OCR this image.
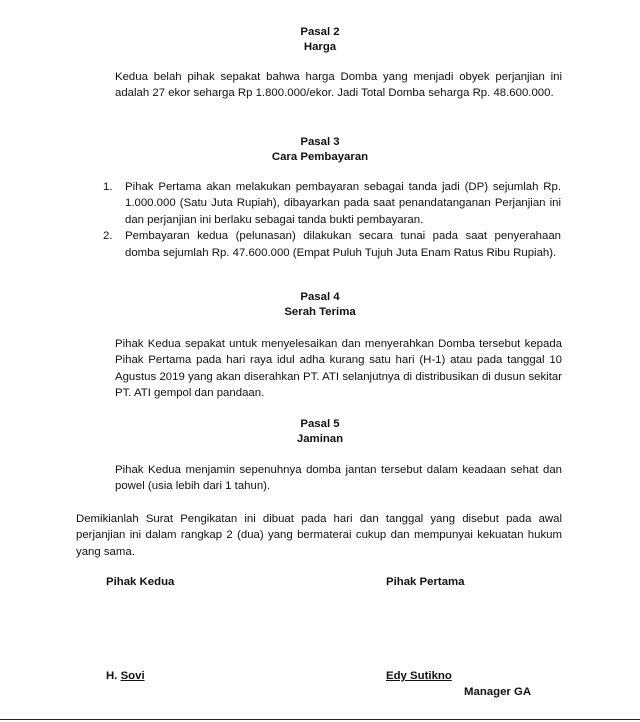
Pasal 2

Harga

Kedua belah pihak sepakat bahwa harga Domba yang menjadi obyek perjanjian ini adalah 27 ekor seharga Rp 1.800.000/ekor. Jadi Total Domba seharga Rp. 48.600.000.

Pasal 3

Cara Pembayaran

1. Pihak Pertama akan melakukan pembayaran sebagai tanda jadi (DP) sejumlah Rp. 1.000.000 (Satu Juta Rupiah), dibayarkan pada saat penandatanganan Perjanjian ini dan perjanjian ini berlaku sebagai tanda bukti pembayaran.
2. Pembayaran kedua (pelunasan) dilakukan secara tunai pada saat penyerahaan domba sejumlah Rp. 47.600.000 (Empat Puluh Tujuh Juta Enam Ratus Ribu Rupiah).

Pasal 4

Serah Terima

Pihak Kedua sepakat untuk menyelesaikan dan menyerahkan Domba tersebut kepada Pihak Pertama pada hari raya idul adha kurang satu hari (H-1) atau pada tanggal 10 Agustus 2019 yang akan diserahkan PT. ATI selanjutnya di distribusikan di dusun sekitar PT. ATI gempol dan pandaan.

Pasal 5

Jaminan

Pihak Kedua menjamin sepenuhnya domba jantan tersebut dalam keadaan sehat dan powel (usia lebih dari 1 tahun).

Demikianlah Surat Pengikatan ini dibuat pada hari dan tanggal yang disebut pada awal perjanjian ini dalam rangkap 2 (dua) yang bermaterai cukup dan mempunyai kekuatan hukum yang sama.

Pihak Kedua	Pihak Pertama

H. Sovi	Edy Sutikno

Manager GA
